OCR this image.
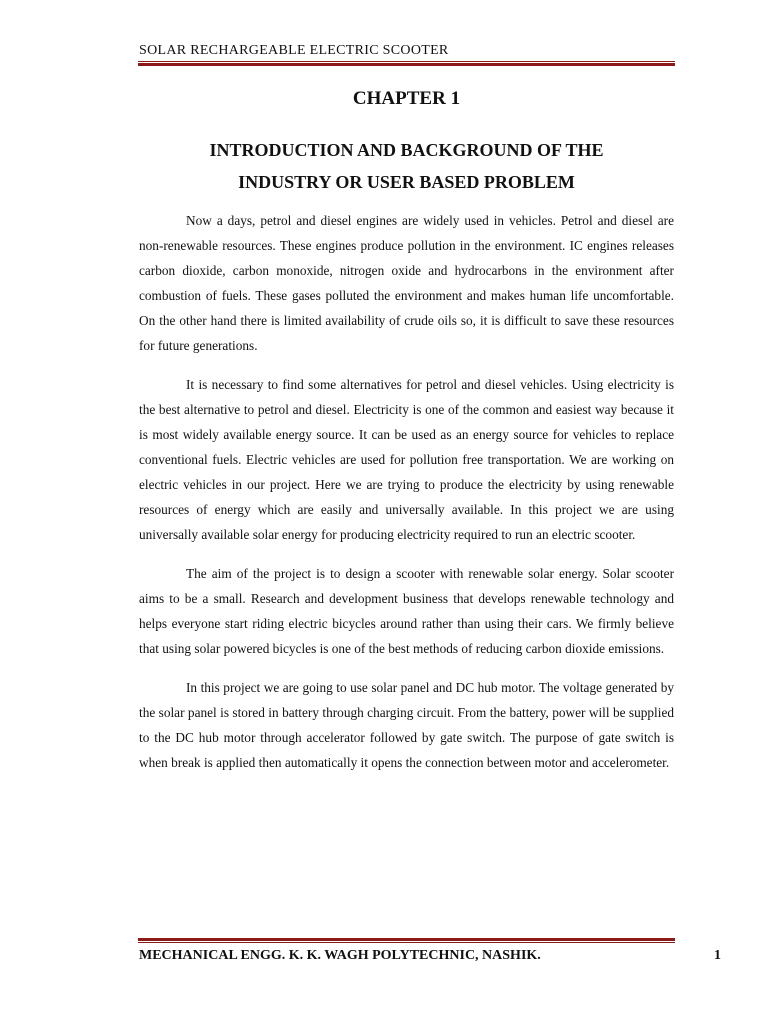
SOLAR RECHARGEABLE ELECTRIC SCOOTER
CHAPTER 1
INTRODUCTION AND BACKGROUND OF THE
INDUSTRY OR USER BASED PROBLEM

Now a days, petrol and diesel engines are widely used in vehicles. Petrol and diesel are non-renewable resources. These engines produce pollution in the environment. IC engines releases carbon dioxide, carbon monoxide, nitrogen oxide and hydrocarbons in the environment after combustion of fuels. These gases polluted the environment and makes human life uncomfortable. On the other hand there is limited availability of crude oils so, it is difficult to save these resources for future generations.

It is necessary to find some alternatives for petrol and diesel vehicles. Using electricity is the best alternative to petrol and diesel. Electricity is one of the common and easiest way because it is most widely available energy source. It can be used as an energy source for vehicles to replace conventional fuels. Electric vehicles are used for pollution free transportation. We are working on electric vehicles in our project. Here we are trying to produce the electricity by using renewable resources of energy which are easily and universally available. In this project we are using universally available solar energy for producing electricity required to run an electric scooter.

The aim of the project is to design a scooter with renewable solar energy. Solar scooter aims to be a small. Research and development business that develops renewable technology and helps everyone start riding electric bicycles around rather than using their cars. We firmly believe that using solar powered bicycles is one of the best methods of reducing carbon dioxide emissions.

In this project we are going to use solar panel and DC hub motor. The voltage generated by the solar panel is stored in battery through charging circuit. From the battery, power will be supplied to the DC hub motor through accelerator followed by gate switch. The purpose of gate switch is when break is applied then automatically it opens the connection between motor and accelerometer.

MECHANICAL ENGG. K. K. WAGH POLYTECHNIC, NASHIK.	1
